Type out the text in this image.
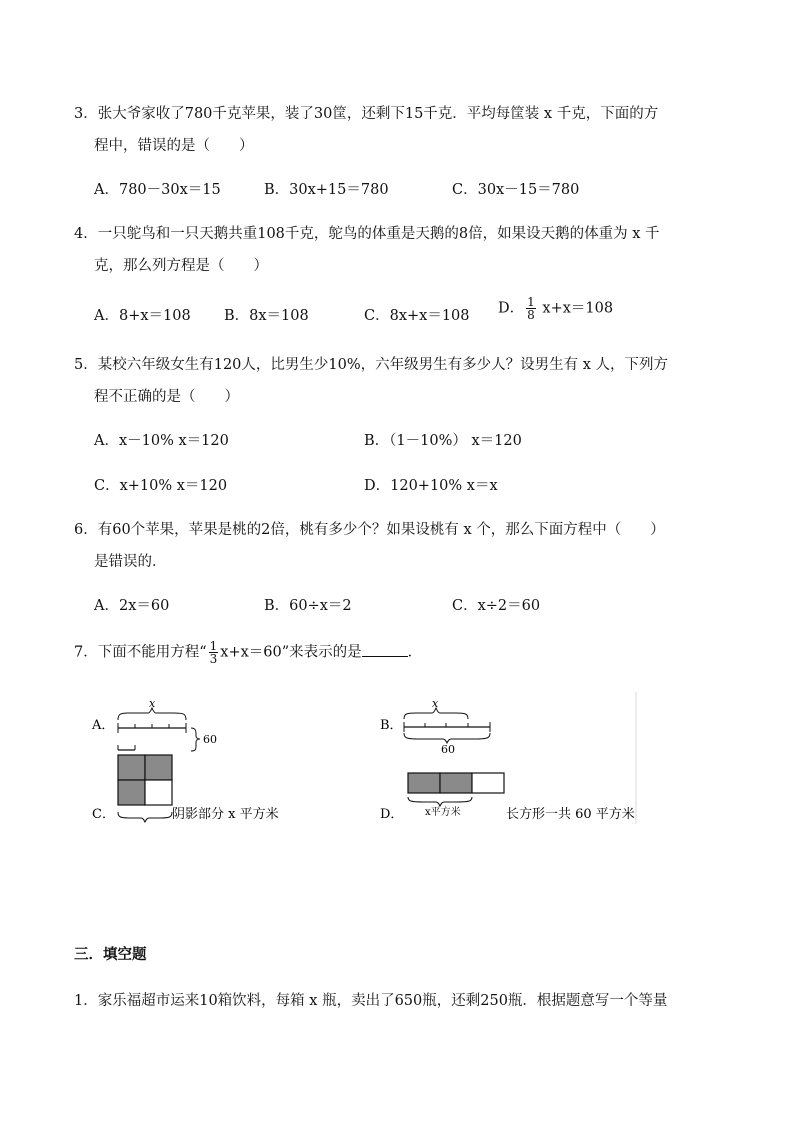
3．张大爷家收了780千克苹果，装了30筐，还剩下15千克．平均每筐装 x 千克，下面的方
程中，错误的是（　　）
A．780－30x＝15	B．30x+15＝780	C．30x－15＝780
4．一只鸵鸟和一只天鹅共重108千克，鸵鸟的体重是天鹅的8倍，如果设天鹅的体重为 x 千
克，那么列方程是（　　）
A．8+x＝108 B．8x＝108	C．8x+x＝108 D． $\frac{1}{8} x+x=108$
5．某校六年级女生有120人，比男生少10%，六年级男生有多少人？设男生有 x 人，下列方
程不正确的是（　　）
A．x－10% x＝120	B．（1－10%） x＝120
C．x+10% x＝120	D．120+10% x＝x
6．有60个苹果，苹果是桃的2倍，桃有多少个？如果设桃有 x 个，那么下面方程中（　　）
是错误的．
A．2x＝60	B．60÷x＝2	C．x÷2＝60
7．下面不能用方程“ $\frac{1}{3} x+x=60$”来表示的是	．
A．
x
60
C．	阴影部分 x 平方米
B．
x
60
x平方米
D．	长方形一共 60 平方米
三．填空题
1．家乐福超市运来10箱饮料，每箱 x 瓶，卖出了650瓶，还剩250瓶．根据题意写一个等量
